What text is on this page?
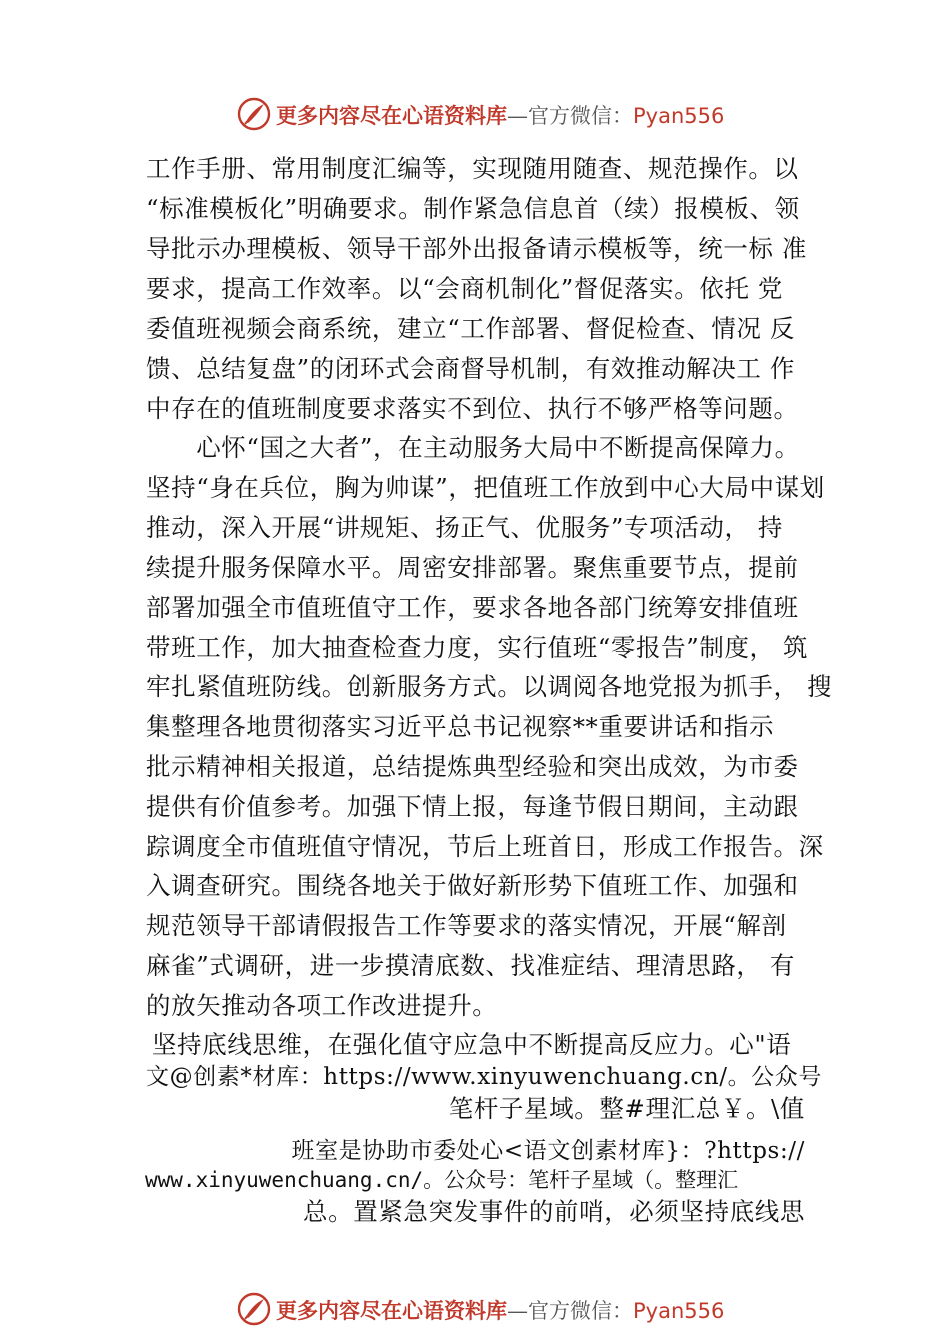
更多内容尽在心语资料库—官方微信：Pyan556
工作手册、常用制度汇编等，实现随用随查、规范操作。以
“标准模板化”明确要求。制作紧急信息首（续）报模板、领
导批示办理模板、领导干部外出报备请示模板等，统一标 准
要求，提高工作效率。以“会商机制化”督促落实。依托 党
委值班视频会商系统，建立“工作部署、督促检查、情况 反
馈、总结复盘”的闭环式会商督导机制，有效推动解决工 作
中存在的值班制度要求落实不到位、执行不够严格等问题。
　　心怀“国之大者”，在主动服务大局中不断提高保障力。
坚持“身在兵位，胸为帅谋”，把值班工作放到中心大局中谋划
推动，深入开展“讲规矩、扬正气、优服务”专项活动， 持
续提升服务保障水平。周密安排部署。聚焦重要节点，提前
部署加强全市值班值守工作，要求各地各部门统筹安排值班
带班工作，加大抽查检查力度，实行值班“零报告”制度， 筑
牢扎紧值班防线。创新服务方式。以调阅各地党报为抓手， 搜
集整理各地贯彻落实习近平总书记视察**重要讲话和指示
批示精神相关报道，总结提炼典型经验和突出成效，为市委
提供有价值参考。加强下情上报，每逢节假日期间，主动跟
踪调度全市值班值守情况，节后上班首日，形成工作报告。深
入调查研究。围绕各地关于做好新形势下值班工作、加强和
规范领导干部请假报告工作等要求的落实情况，开展“解剖
麻雀”式调研，进一步摸清底数、找准症结、理清思路， 有
的放矢推动各项工作改进提升。
坚持底线思维，在强化值守应急中不断提高反应力。心"语
文@创素*材库：https://www.xinyuwenchuang.cn/。公众号
笔杆子星域。整#理汇总￥。\值
班室是协助市委处心<语文创素材库}：?https://
www.xinyuwenchuang.cn/。公众号：笔杆子星域（。整理汇
总。置紧急突发事件的前哨，必须坚持底线思
更多内容尽在心语资料库—官方微信：Pyan556
